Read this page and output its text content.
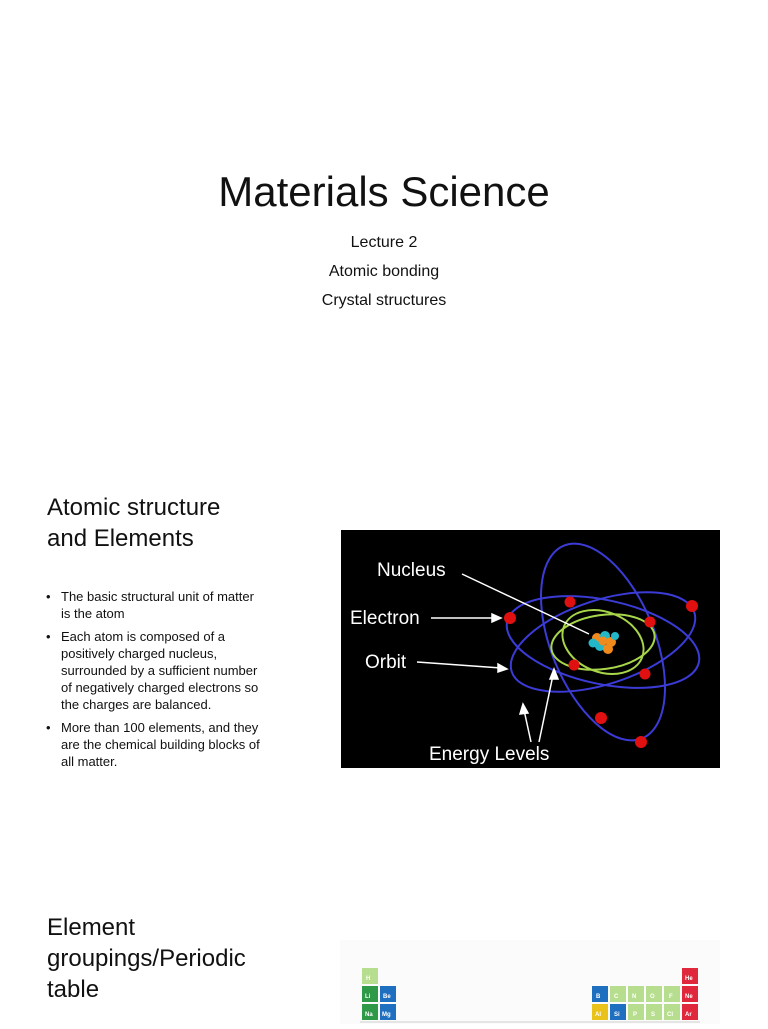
Materials Science
Lecture 2
Atomic bonding
Crystal structures
Atomic structure
and Elements
• The basic structural unit of matter is the atom
• Each atom is composed of a positively charged nucleus, surrounded by a sufficient number of negatively charged electrons so the charges are balanced.
• More than 100 elements, and they are the chemical building blocks of all matter.
Nucleus
Electron
Orbit
Energy Levels
Element
groupings/Periodic
table	H
Li Be
Na Mg
He
B C N O F Ne
Al Si P S Cl Ar
